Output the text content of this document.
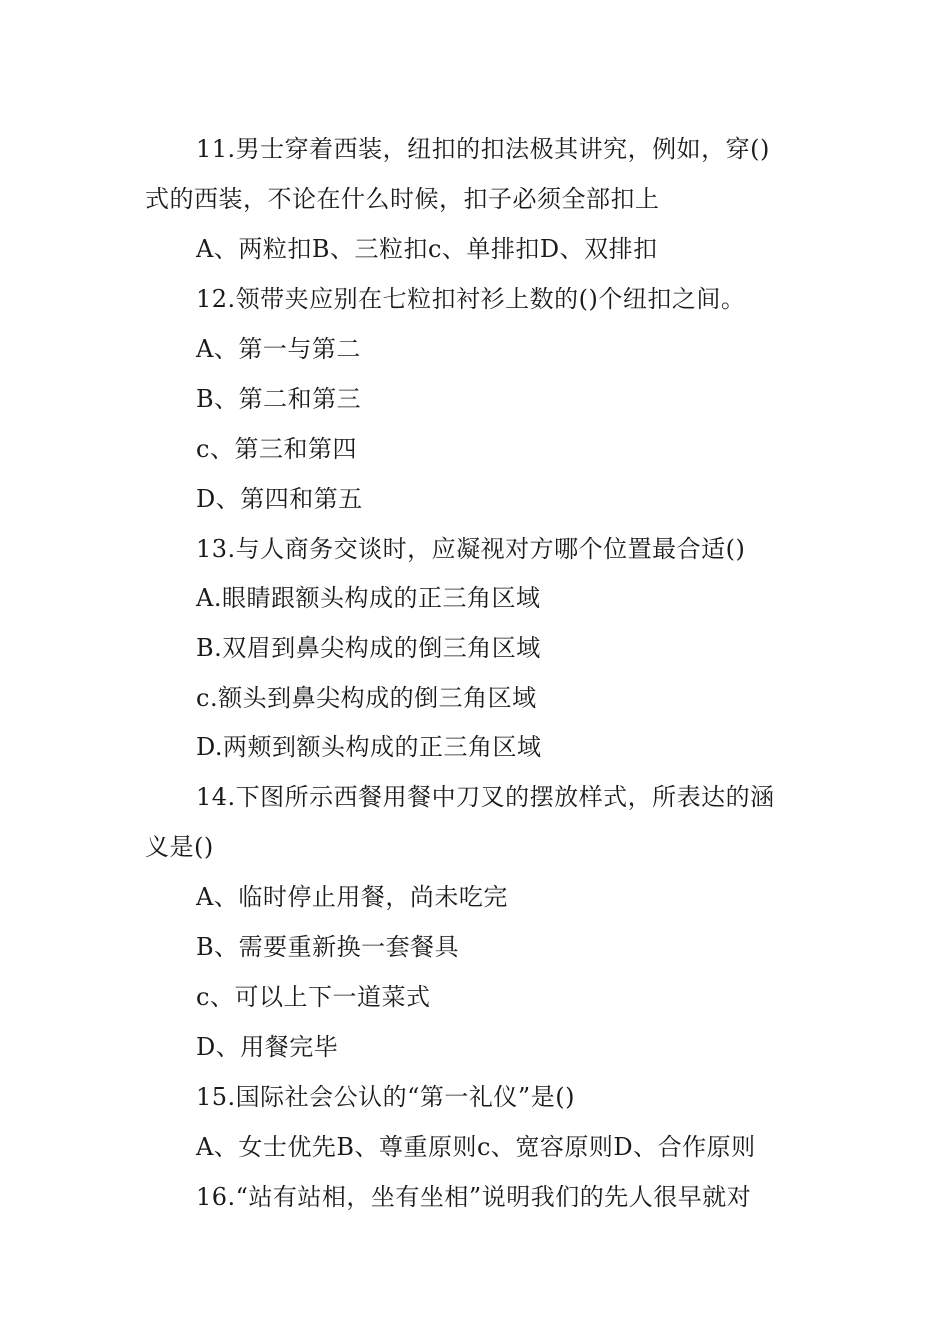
11.男士穿着西装，纽扣的扣法极其讲究，例如，穿()
式的西装，不论在什么时候，扣子必须全部扣上
A、两粒扣B、三粒扣c、单排扣D、双排扣
12.领带夹应别在七粒扣衬衫上数的()个纽扣之间。
A、第一与第二
B、第二和第三
c、第三和第四
D、第四和第五
13.与人商务交谈时，应凝视对方哪个位置最合适()
A.眼睛跟额头构成的正三角区域
B.双眉到鼻尖构成的倒三角区域
c.额头到鼻尖构成的倒三角区域
D.两颊到额头构成的正三角区域
14.下图所示西餐用餐中刀叉的摆放样式，所表达的涵
义是()
A、临时停止用餐，尚未吃完
B、需要重新换一套餐具
c、可以上下一道菜式
D、用餐完毕
15.国际社会公认的“第一礼仪”是()
A、女士优先B、尊重原则c、宽容原则D、合作原则
16.“站有站相，坐有坐相”说明我们的先人很早就对
